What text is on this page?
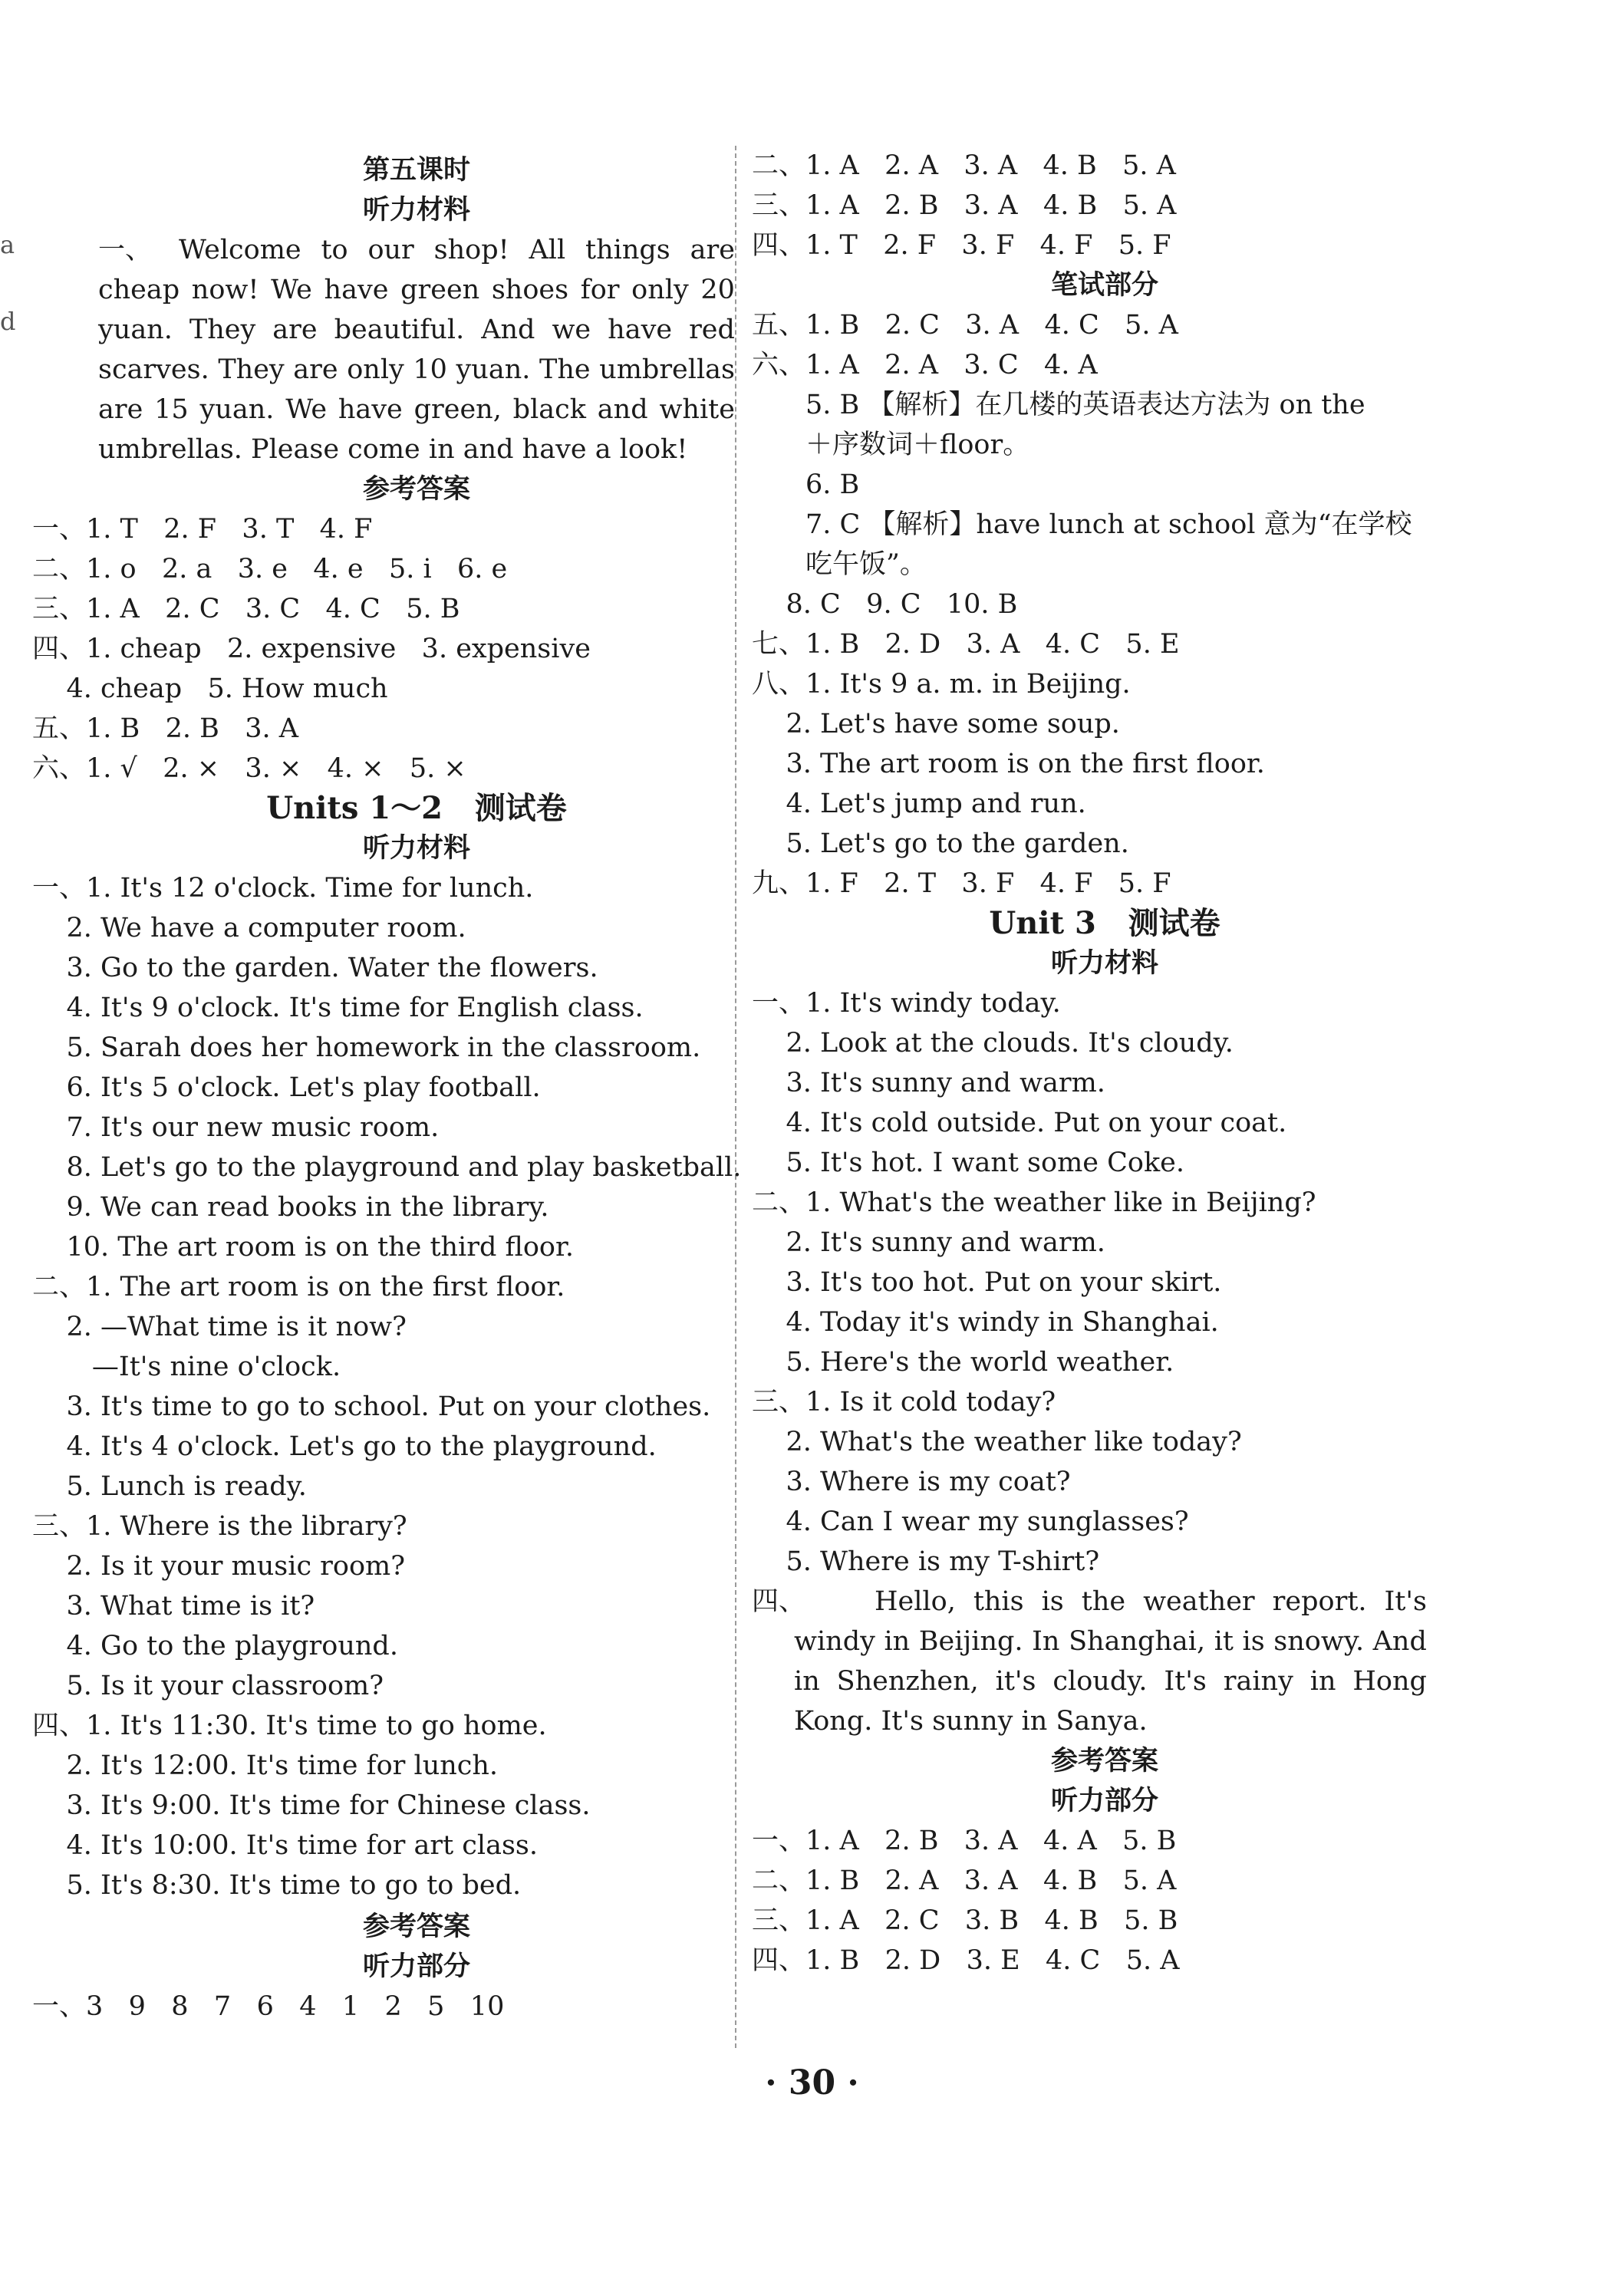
a
d
第五课时
听力材料
一、 Welcome to our shop! All things are
cheap now! We have green shoes for only 20
yuan. They are beautiful. And we have red
scarves. They are only 10 yuan. The umbrellas
are 15 yuan. We have green, black and white
umbrellas. Please come in and have a look!
参考答案
一、1. T   2. F   3. T   4. F
二、1. o   2. a   3. e   4. e   5. i   6. e
三、1. A   2. C   3. C   4. C   5. B
四、1. cheap   2. expensive   3. expensive
4. cheap   5. How much
五、1. B   2. B   3. A
六、1. √   2. ×   3. ×   4. ×   5. ×
Units 1～2   测试卷
听力材料
一、1. It's 12 o'clock. Time for lunch.
2. We have a computer room.
3. Go to the garden. Water the flowers.
4. It's 9 o'clock. It's time for English class.
5. Sarah does her homework in the classroom.
6. It's 5 o'clock. Let's play football.
7. It's our new music room.
8. Let's go to the playground and play basketball.
9. We can read books in the library.
10. The art room is on the third floor.
二、1. The art room is on the first floor.
2. —What time is it now?
—It's nine o'clock.
3. It's time to go to school. Put on your clothes.
4. It's 4 o'clock. Let's go to the playground.
5. Lunch is ready.
三、1. Where is the library?
2. Is it your music room?
3. What time is it?
4. Go to the playground.
5. Is it your classroom?
四、1. It's 11:30. It's time to go home.
2. It's 12:00. It's time for lunch.
3. It's 9:00. It's time for Chinese class.
4. It's 10:00. It's time for art class.
5. It's 8:30. It's time to go to bed.
参考答案
听力部分
一、3   9   8   7   6   4   1   2   5   10
二、1. A   2. A   3. A   4. B   5. A
三、1. A   2. B   3. A   4. B   5. A
四、1. T   2. F   3. F   4. F   5. F
笔试部分
五、1. B   2. C   3. A   4. C   5. A
六、1. A   2. A   3. C   4. A
5. B 【解析】在几楼的英语表达方法为 on the
＋序数词＋floor。
6. B
7. C 【解析】have lunch at school 意为“在学校
吃午饭”。
8. C   9. C   10. B
七、1. B   2. D   3. A   4. C   5. E
八、1. It's 9 a. m. in Beijing.
2. Let's have some soup.
3. The art room is on the first floor.
4. Let's jump and run.
5. Let's go to the garden.
九、1. F   2. T   3. F   4. F   5. F
Unit 3   测试卷
听力材料
一、1. It's windy today.
2. Look at the clouds. It's cloudy.
3. It's sunny and warm.
4. It's cold outside. Put on your coat.
5. It's hot. I want some Coke.
二、1. What's the weather like in Beijing?
2. It's sunny and warm.
3. It's too hot. Put on your skirt.
4. Today it's windy in Shanghai.
5. Here's the world weather.
三、1. Is it cold today?
2. What's the weather like today?
3. Where is my coat?
4. Can I wear my sunglasses?
5. Where is my T-shirt?
四、	Hello, this is the weather report. It's
windy in Beijing. In Shanghai, it is snowy. And
in Shenzhen, it's cloudy. It's rainy in Hong
Kong. It's sunny in Sanya.
参考答案
听力部分
一、1. A   2. B   3. A   4. A   5. B
二、1. B   2. A   3. A   4. B   5. A
三、1. A   2. C   3. B   4. B   5. B
四、1. B   2. D   3. E   4. C   5. A
· 30 ·
